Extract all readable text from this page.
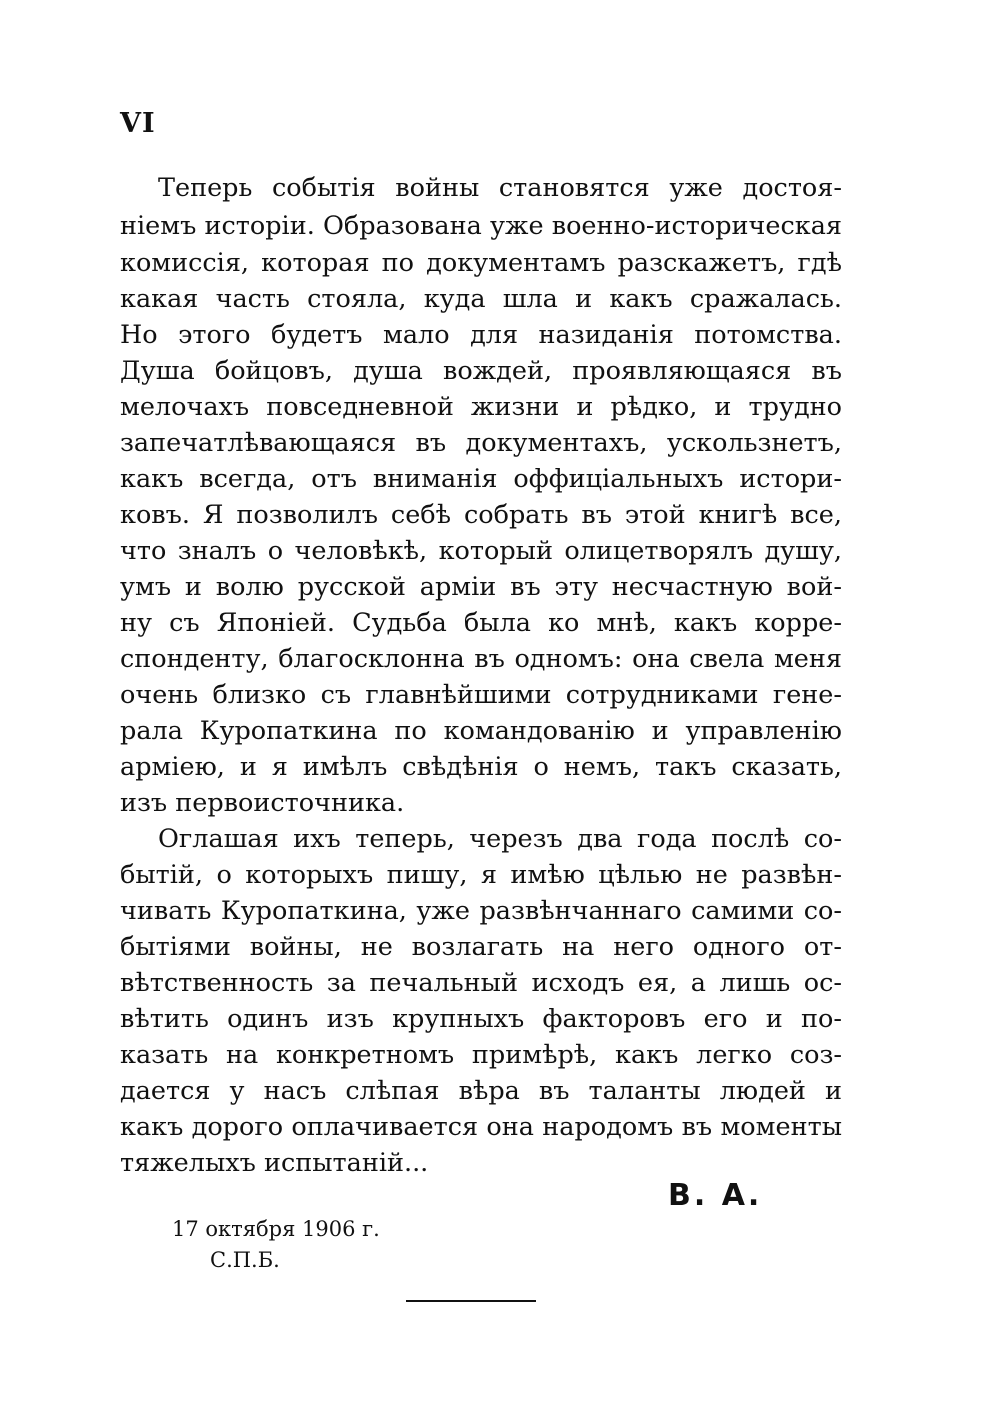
VI
Теперь событія войны становятся уже достоя-
ніемъ исторіи. Образована уже военно-историческая
комиссія, которая по документамъ разскажетъ, гдѣ
какая часть стояла, куда шла и какъ сражалась.
Но этого будетъ мало для назиданія потомства.
Душа бойцовъ, душа вождей, проявляющаяся въ
мелочахъ повседневной жизни и рѣдко, и трудно
запечатлѣвающаяся въ документахъ, ускользнетъ,
какъ всегда, отъ вниманія оффиціальныхъ истори-
ковъ. Я позволилъ себѣ собрать въ этой книгѣ все,
что зналъ о человѣкѣ, который олицетворялъ душу,
умъ и волю русской арміи въ эту несчастную вой-
ну съ Японіей. Судьба была ко мнѣ, какъ корре-
спонденту, благосклонна въ одномъ: она свела меня
очень близко съ главнѣйшими сотрудниками гене-
рала Куропаткина по командованію и управленію
арміею, и я имѣлъ свѣдѣнія о немъ, такъ сказать,
изъ первоисточника.
Оглашая ихъ теперь, черезъ два года послѣ со-
бытій, о которыхъ пишу, я имѣю цѣлью не развѣн-
чивать Куропаткина, уже развѣнчаннаго самими со-
бытіями войны, не возлагать на него одного от-
вѣтственность за печальный исходъ ея, а лишь ос-
вѣтить одинъ изъ крупныхъ факторовъ его и по-
казать на конкретномъ примѣрѣ, какъ легко соз-
дается у насъ слѣпая вѣра въ таланты людей и
какъ дорого оплачивается она народомъ въ моменты
тяжелыхъ испытаній...
В. А.
17 октября 1906 г.
С.П.Б.
